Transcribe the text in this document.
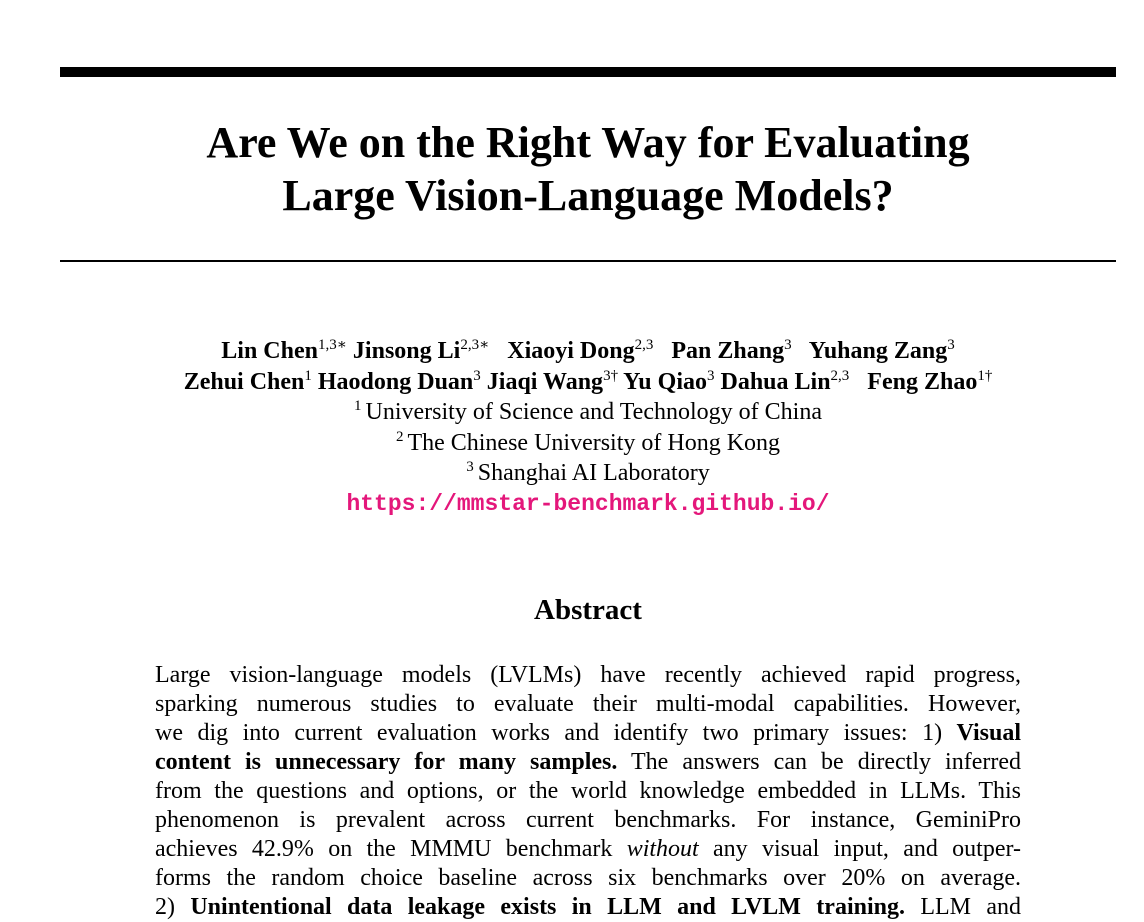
Are We on the Right Way for Evaluating
Large Vision-Language Models?
Lin Chen$^{1,3∗}$ Jinsong $Li^{2,3∗}$ Xiaoyi Dong$^{2,3}$ Pan Zhang$^3$ Yuhang Zang$^3$
Zehui Chen$^1$ Haodong Duan$^3$ Jiaqi Wang$^{3\dagger}$ Yu Qiao$^3$ Dahua Lin$^{2,3}$ Feng Zhao$^{1\dagger}$
$^1$ University of Science and Technology of China
$^2$ The Chinese University of Hong Kong
$^3$ Shanghai AI Laboratory
https://mmstar-benchmark.github.io/
Abstract
Large vision-language models (LVLMs) have recently achieved rapid progress,
sparking numerous studies to evaluate their multi-modal capabilities. However,
we dig into current evaluation works and identify two primary issues: 1) Visual
content is unnecessary for many samples. The answers can be directly inferred
from the questions and options, or the world knowledge embedded in LLMs. This
phenomenon is prevalent across current benchmarks. For instance, GeminiPro
achieves 42.9% on the MMMU benchmark without any visual input, and outper-
forms the random choice baseline across six benchmarks over 20% on average.
2) Unintentional data leakage exists in LLM and LVLM training. LLM and
